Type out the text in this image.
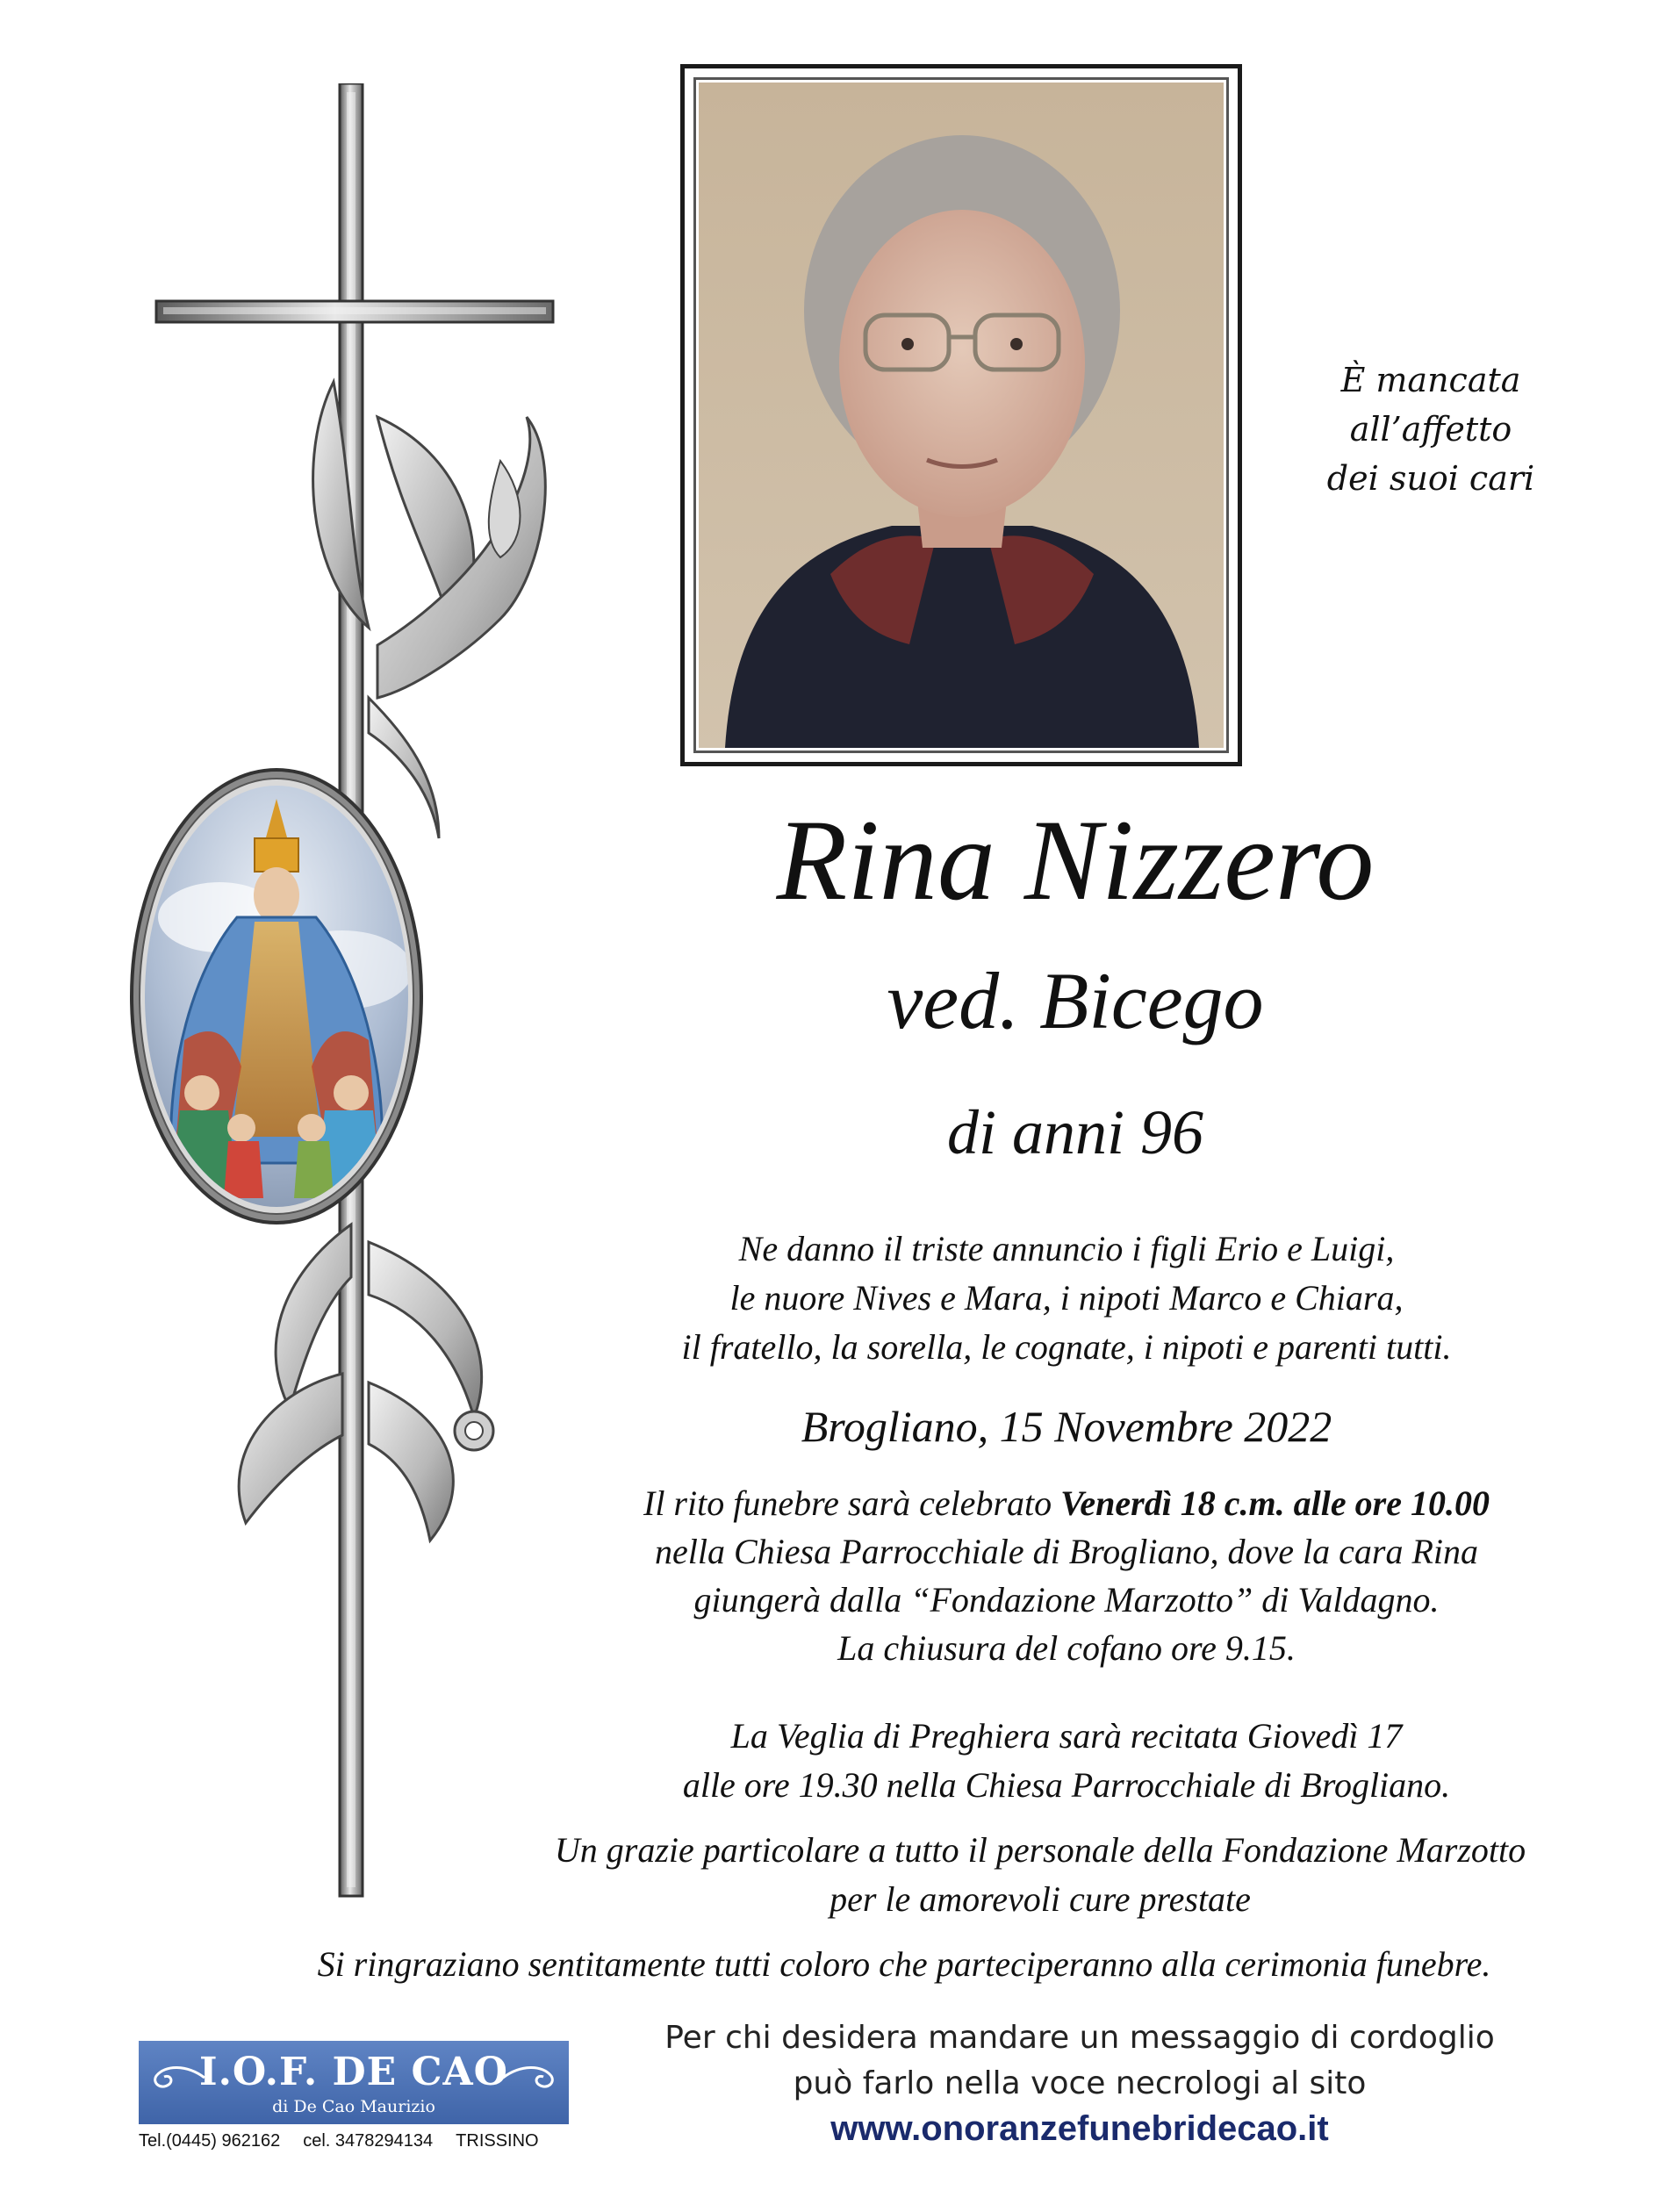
È mancata
all’affetto
dei suoi cari
Rina Nizzero
ved. Bicego
di anni 96
Ne danno il triste annuncio i figli Erio e Luigi,
le nuore Nives e Mara, i nipoti Marco e Chiara,
il fratello, la sorella, le cognate, i nipoti e parenti tutti.
Brogliano, 15 Novembre 2022
Il rito funebre sarà celebrato Venerdì 18 c.m. alle ore 10.00
nella Chiesa Parrocchiale di Brogliano, dove la cara Rina
giungerà dalla “Fondazione Marzotto” di Valdagno.
La chiusura del cofano ore 9.15.
La Veglia di Preghiera sarà recitata Giovedì 17
alle ore 19.30 nella Chiesa Parrocchiale di Brogliano.
Un grazie particolare a tutto il personale della Fondazione Marzotto
per le amorevoli cure prestate
Si ringraziano sentitamente tutti coloro che parteciperanno alla cerimonia funebre.
Per chi desidera mandare un messaggio di cordoglio
può farlo nella voce necrologi al sito
www.onoranzefunebridecao.it
I.O.F. DE CAO
di De Cao Maurizio
Tel.(0445) 962162 cel. 3478294134 TRISSINO
